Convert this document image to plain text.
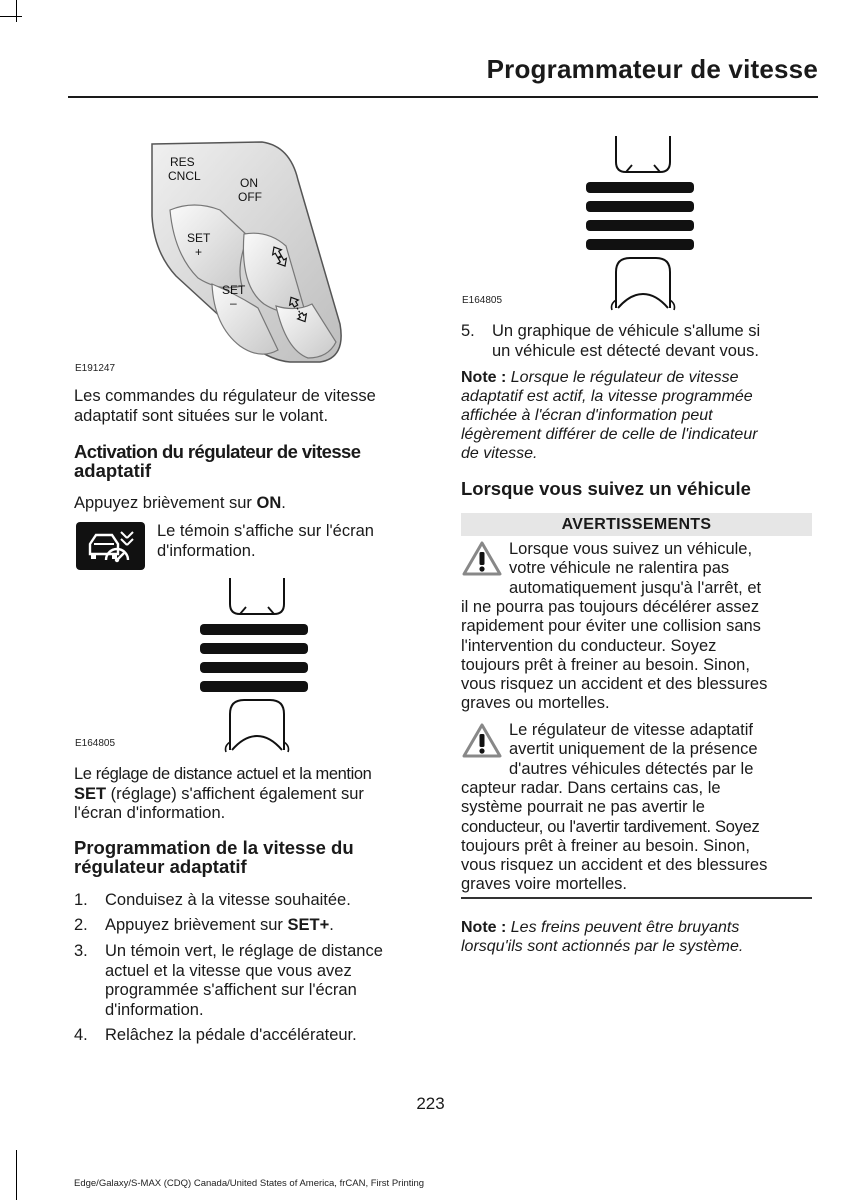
Programmateur de vitesse
RES
CNCL	ON
OFF
SET
+
SET
–
E191247
Les commandes du régulateur de vitesse adaptatif sont situées sur le volant.
Activation du régulateur de vitesse
adaptatif
Appuyez brièvement sur ON.
Le témoin s'affiche sur l'écran
d'information.
E164805
Le réglage de distance actuel et la mention
SET (réglage) s'affichent également sur
l'écran d'information.
Programmation de la vitesse du
régulateur adaptatif
1.	Conduisez à la vitesse souhaitée.
2.	Appuyez brièvement sur SET+.
3.	Un témoin vert, le réglage de distance
actuel et la vitesse que vous avez
programmée s'affichent sur l'écran
d'information.
4.	Relâchez la pédale d'accélérateur.
E164805
5.	Un graphique de véhicule s'allume si
un véhicule est détecté devant vous.
Note : Lorsque le régulateur de vitesse
adaptatif est actif, la vitesse programmée
affichée à l'écran d'information peut
légèrement différer de celle de l'indicateur
de vitesse.
Lorsque vous suivez un véhicule
AVERTISSEMENTS
Lorsque vous suivez un véhicule,
votre véhicule ne ralentira pas
automatiquement jusqu'à l'arrêt, et
il ne pourra pas toujours décélérer assez
rapidement pour éviter une collision sans
l'intervention du conducteur. Soyez
toujours prêt à freiner au besoin. Sinon,
vous risquez un accident et des blessures
graves ou mortelles.
Le régulateur de vitesse adaptatif
avertit uniquement de la présence
d'autres véhicules détectés par le
capteur radar. Dans certains cas, le
système pourrait ne pas avertir le
conducteur, ou l'avertir tardivement. Soyez
toujours prêt à freiner au besoin. Sinon,
vous risquez un accident et des blessures
graves voire mortelles.
Note : Les freins peuvent être bruyants
lorsqu'ils sont actionnés par le système.
223
Edge/Galaxy/S-MAX (CDQ) Canada/United States of America, frCAN, First Printing
